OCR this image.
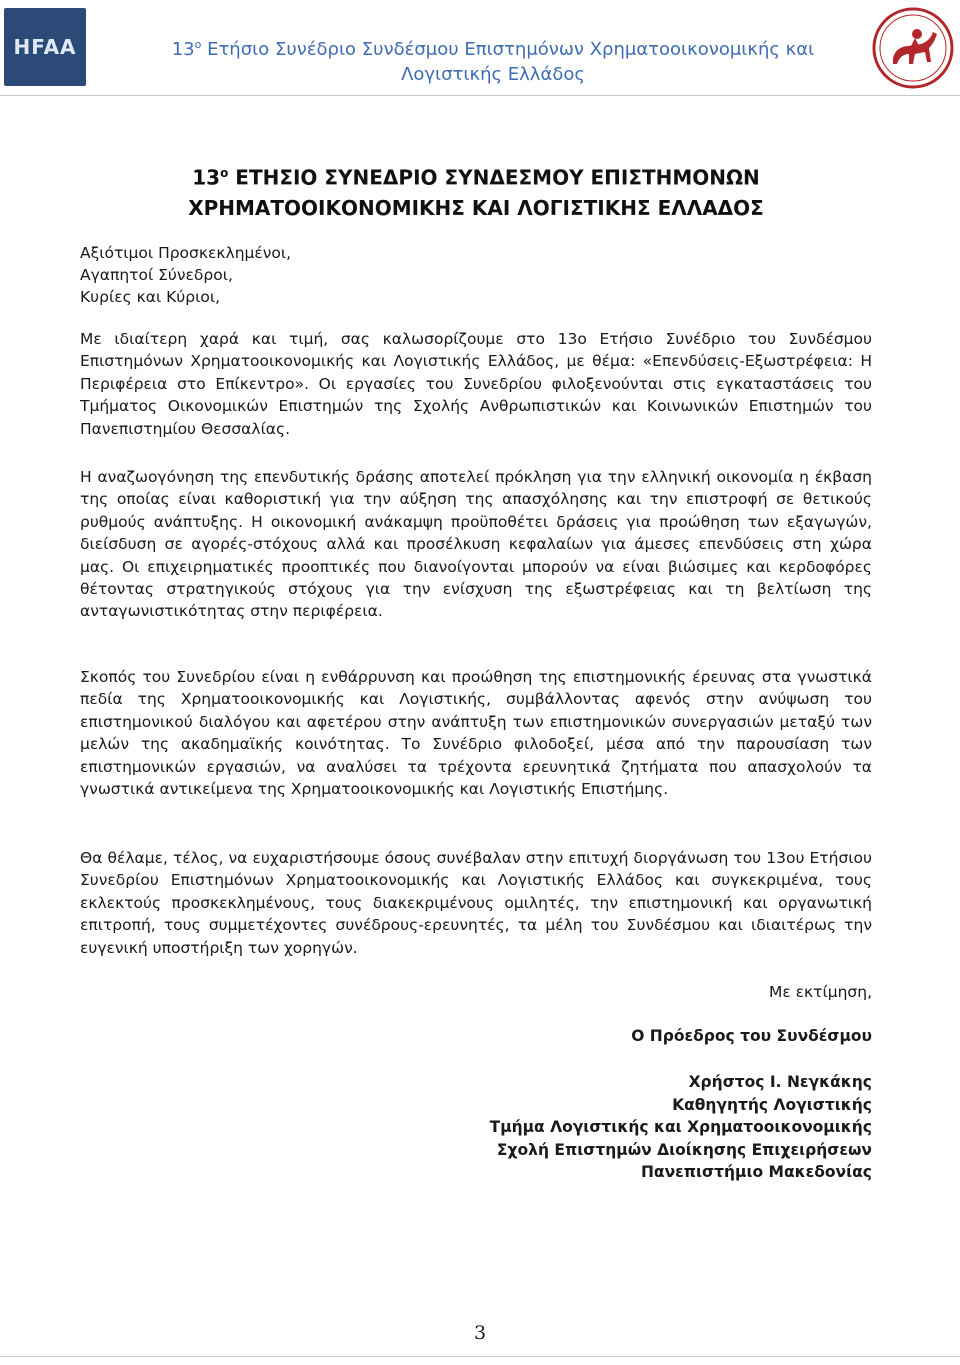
HFAA	$13^o$ Ετήσιο Συνέδριο Συνδέσμου Επιστημόνων Χρηματοοικονομικής και
Λογιστικής Ελλάδος
$13^o$ ΕΤΗΣΙΟ ΣΥΝΕΔΡΙΟ ΣΥΝΔΕΣΜΟΥ ΕΠΙΣΤΗΜΟΝΩΝ
ΧΡΗΜΑΤΟΟΙΚΟΝΟΜΙΚΗΣ ΚΑΙ ΛΟΓΙΣΤΙΚΗΣ ΕΛΛΑΔΟΣ
Αξιότιμοι Προσκεκλημένοι,
Αγαπητοί Σύνεδροι,
Κυρίες και Κύριοι,

Με ιδιαίτερη χαρά και τιμή, σας καλωσορίζουμε στο 13ο Ετήσιο Συνέδριο του Συνδέσμου Επιστημόνων Χρηματοοικονομικής και Λογιστικής Ελλάδος, με θέμα: «Επενδύσεις-Εξωστρέφεια: Η Περιφέρεια στο Επίκεντρο». Οι εργασίες του Συνεδρίου φιλοξενούνται στις εγκαταστάσεις του Τμήματος Οικονομικών Επιστημών της Σχολής Ανθρωπιστικών και Κοινωνικών Επιστημών του Πανεπιστημίου Θεσσαλίας.

Η αναζωογόνηση της επενδυτικής δράσης αποτελεί πρόκληση για την ελληνική οικονομία η έκβαση της οποίας είναι καθοριστική για την αύξηση της απασχόλησης και την επιστροφή σε θετικούς ρυθμούς ανάπτυξης. Η οικονομική ανάκαμψη προϋποθέτει δράσεις για προώθηση των εξαγωγών, διείσδυση σε αγορές-στόχους αλλά και προσέλκυση κεφαλαίων για άμεσες επενδύσεις στη χώρα μας. Οι επιχειρηματικές προοπτικές που διανοίγονται μπορούν να είναι βιώσιμες και κερδοφόρες θέτοντας στρατηγικούς στόχους για την ενίσχυση της εξωστρέφειας και τη βελτίωση της ανταγωνιστικότητας στην περιφέρεια.

Σκοπός του Συνεδρίου είναι η ενθάρρυνση και προώθηση της επιστημονικής έρευνας στα γνωστικά πεδία της Χρηματοοικονομικής και Λογιστικής, συμβάλλοντας αφενός στην ανύψωση του επιστημονικού διαλόγου και αφετέρου στην ανάπτυξη των επιστημονικών συνεργασιών μεταξύ των μελών της ακαδημαϊκής κοινότητας. Το Συνέδριο φιλοδοξεί, μέσα από την παρουσίαση των επιστημονικών εργασιών, να αναλύσει τα τρέχοντα ερευνητικά ζητήματα που απασχολούν τα γνωστικά αντικείμενα της Χρηματοοικονομικής και Λογιστικής Επιστήμης.

Θα θέλαμε, τέλος, να ευχαριστήσουμε όσους συνέβαλαν στην επιτυχή διοργάνωση του 13ου Ετήσιου Συνεδρίου Επιστημόνων Χρηματοοικονομικής και Λογιστικής Ελλάδος και συγκεκριμένα, τους εκλεκτούς προσκεκλημένους, τους διακεκριμένους ομιλητές, την επιστημονική και οργανωτική επιτροπή, τους συμμετέχοντες συνέδρους-ερευνητές, τα μέλη του Συνδέσμου και ιδιαιτέρως την ευγενική υποστήριξη των χορηγών.

Με εκτίμηση,
Ο Πρόεδρος του Συνδέσμου
Χρήστος Ι. Νεγκάκης
Καθηγητής Λογιστικής
Τμήμα Λογιστικής και Χρηματοοικονομικής
Σχολή Επιστημών Διοίκησης Επιχειρήσεων
Πανεπιστήμιο Μακεδονίας
3
